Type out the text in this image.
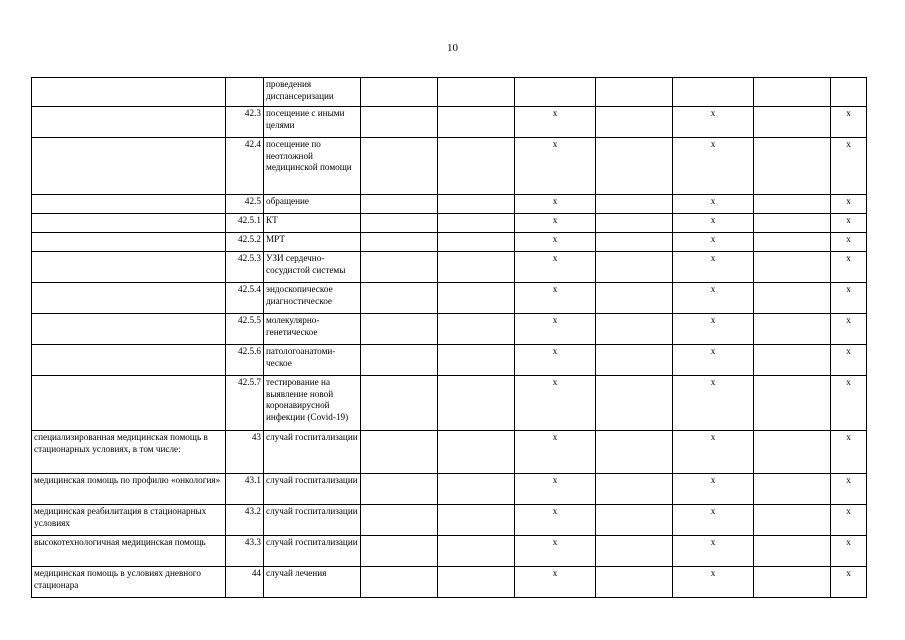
10
		проведения диспансеризации							
	42.3	посещение с иными целями			х		х		х
	42.4	посещение по неотложной медицинской помощи			х		х		х
	42.5	обращение			х		х		х
	42.5.1	КТ			х		х		х
	42.5.2	МРТ			х		х		х
	42.5.3	УЗИ сердечно-сосудистой системы			х		х		х
	42.5.4	эндоскопическое диагностическое			х		х		х
	42.5.5	молекулярно-генетическое			х		х		х
	42.5.6	патологоанатоми-ческое			х		х		х
	42.5.7	тестирование на выявление новой коронавирусной инфекции (Covid-19)			х		х		х
специализированная медицинская помощь в стационарных условиях, в том числе:	43	случай госпитализации			х		х		х
медицинская помощь по профилю «онкология»	43.1	случай госпитализации			х		х		х
медицинская реабилитация в стационарных условиях	43.2	случай госпитализации			х		х		х
высокотехнологичная медицинская помощь	43.3	случай госпитализации			х		х		х
медицинская помощь в условиях дневного стационара	44	случай лечения			х		х		х
